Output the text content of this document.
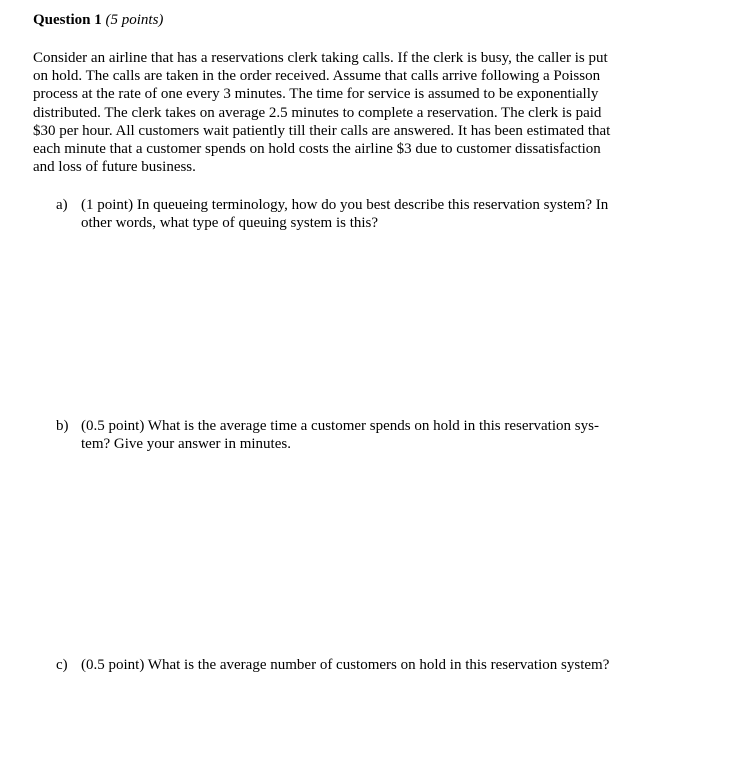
Question 1 (5 points)
Consider an airline that has a reservations clerk taking calls. If the clerk is busy, the caller is put
on hold. The calls are taken in the order received. Assume that calls arrive following a Poisson
process at the rate of one every 3 minutes. The time for service is assumed to be exponentially
distributed. The clerk takes on average 2.5 minutes to complete a reservation. The clerk is paid
$30 per hour. All customers wait patiently till their calls are answered. It has been estimated that
each minute that a customer spends on hold costs the airline $3 due to customer dissatisfaction
and loss of future business.
a) (1 point) In queueing terminology, how do you best describe this reservation system? In
other words, what type of queuing system is this?
b) (0.5 point) What is the average time a customer spends on hold in this reservation sys-
tem? Give your answer in minutes.
c) (0.5 point) What is the average number of customers on hold in this reservation system?
